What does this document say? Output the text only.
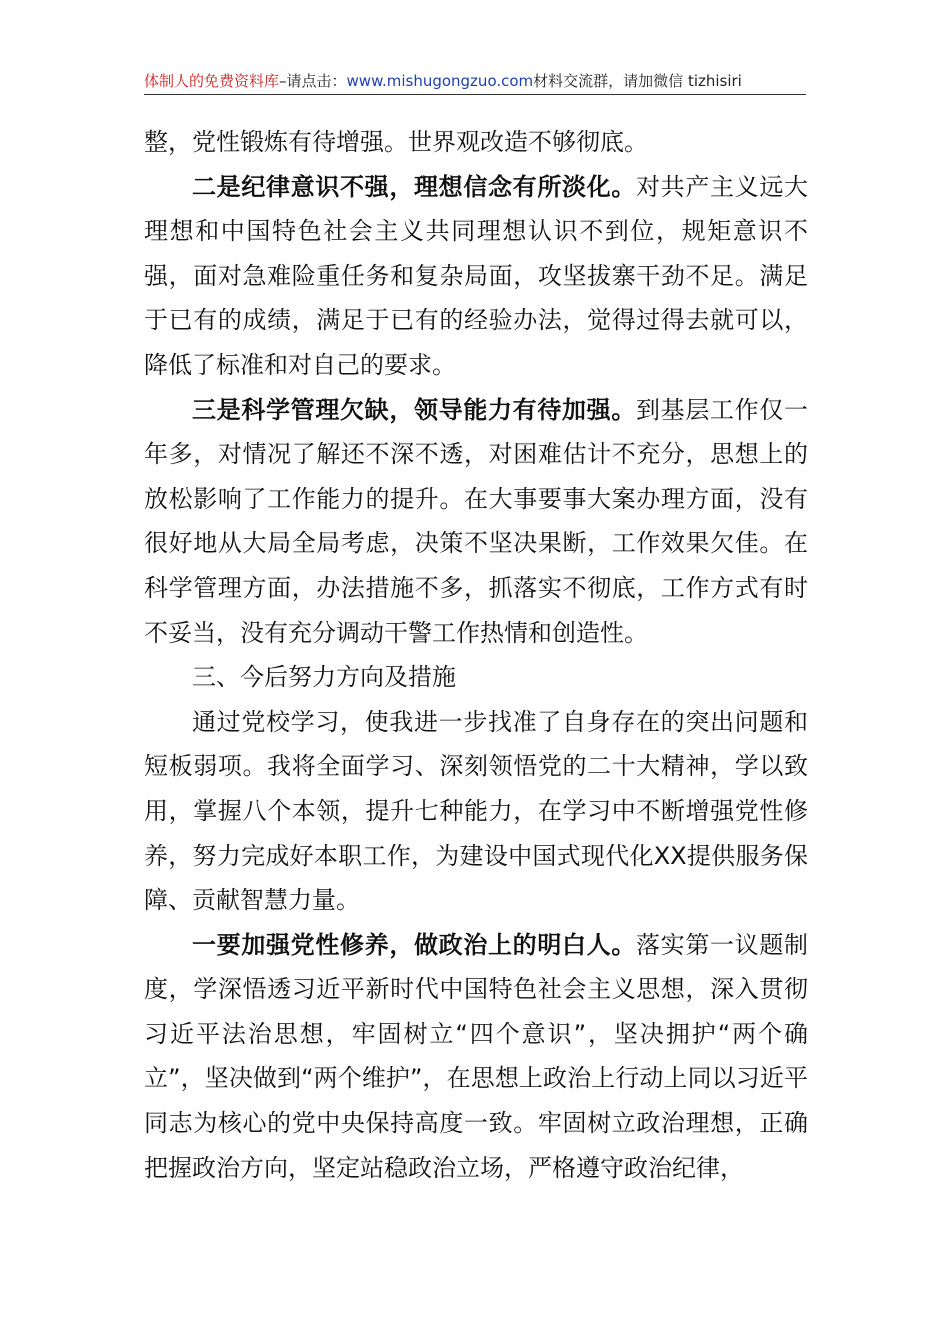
体制人的免费资料库–请点击：www.mishugongzuo.com材料交流群，请加微信 tizhisiri

整，党性锻炼有待增强。世界观改造不够彻底。

二是纪律意识不强，理想信念有所淡化。对共产主义远大理想和中国特色社会主义共同理想认识不到位，规矩意识不强，面对急难险重任务和复杂局面，攻坚拔寨干劲不足。满足于已有的成绩，满足于已有的经验办法，觉得过得去就可以，降低了标准和对自己的要求。

三是科学管理欠缺，领导能力有待加强。到基层工作仅一年多，对情况了解还不深不透，对困难估计不充分，思想上的放松影响了工作能力的提升。在大事要事大案办理方面，没有很好地从大局全局考虑，决策不坚决果断，工作效果欠佳。在科学管理方面，办法措施不多，抓落实不彻底，工作方式有时不妥当，没有充分调动干警工作热情和创造性。

三、今后努力方向及措施

通过党校学习，使我进一步找准了自身存在的突出问题和短板弱项。我将全面学习、深刻领悟党的二十大精神，学以致用，掌握八个本领，提升七种能力，在学习中不断增强党性修养，努力完成好本职工作，为建设中国式现代化XX提供服务保障、贡献智慧力量。

一要加强党性修养，做政治上的明白人。落实第一议题制度，学深悟透习近平新时代中国特色社会主义思想，深入贯彻习近平法治思想，牢固树立“四个意识”，坚决拥护“两个确立”，坚决做到“两个维护”，在思想上政治上行动上同以习近平同志为核心的党中央保持高度一致。牢固树立政治理想，正确把握政治方向，坚定站稳政治立场，严格遵守政治纪律，
